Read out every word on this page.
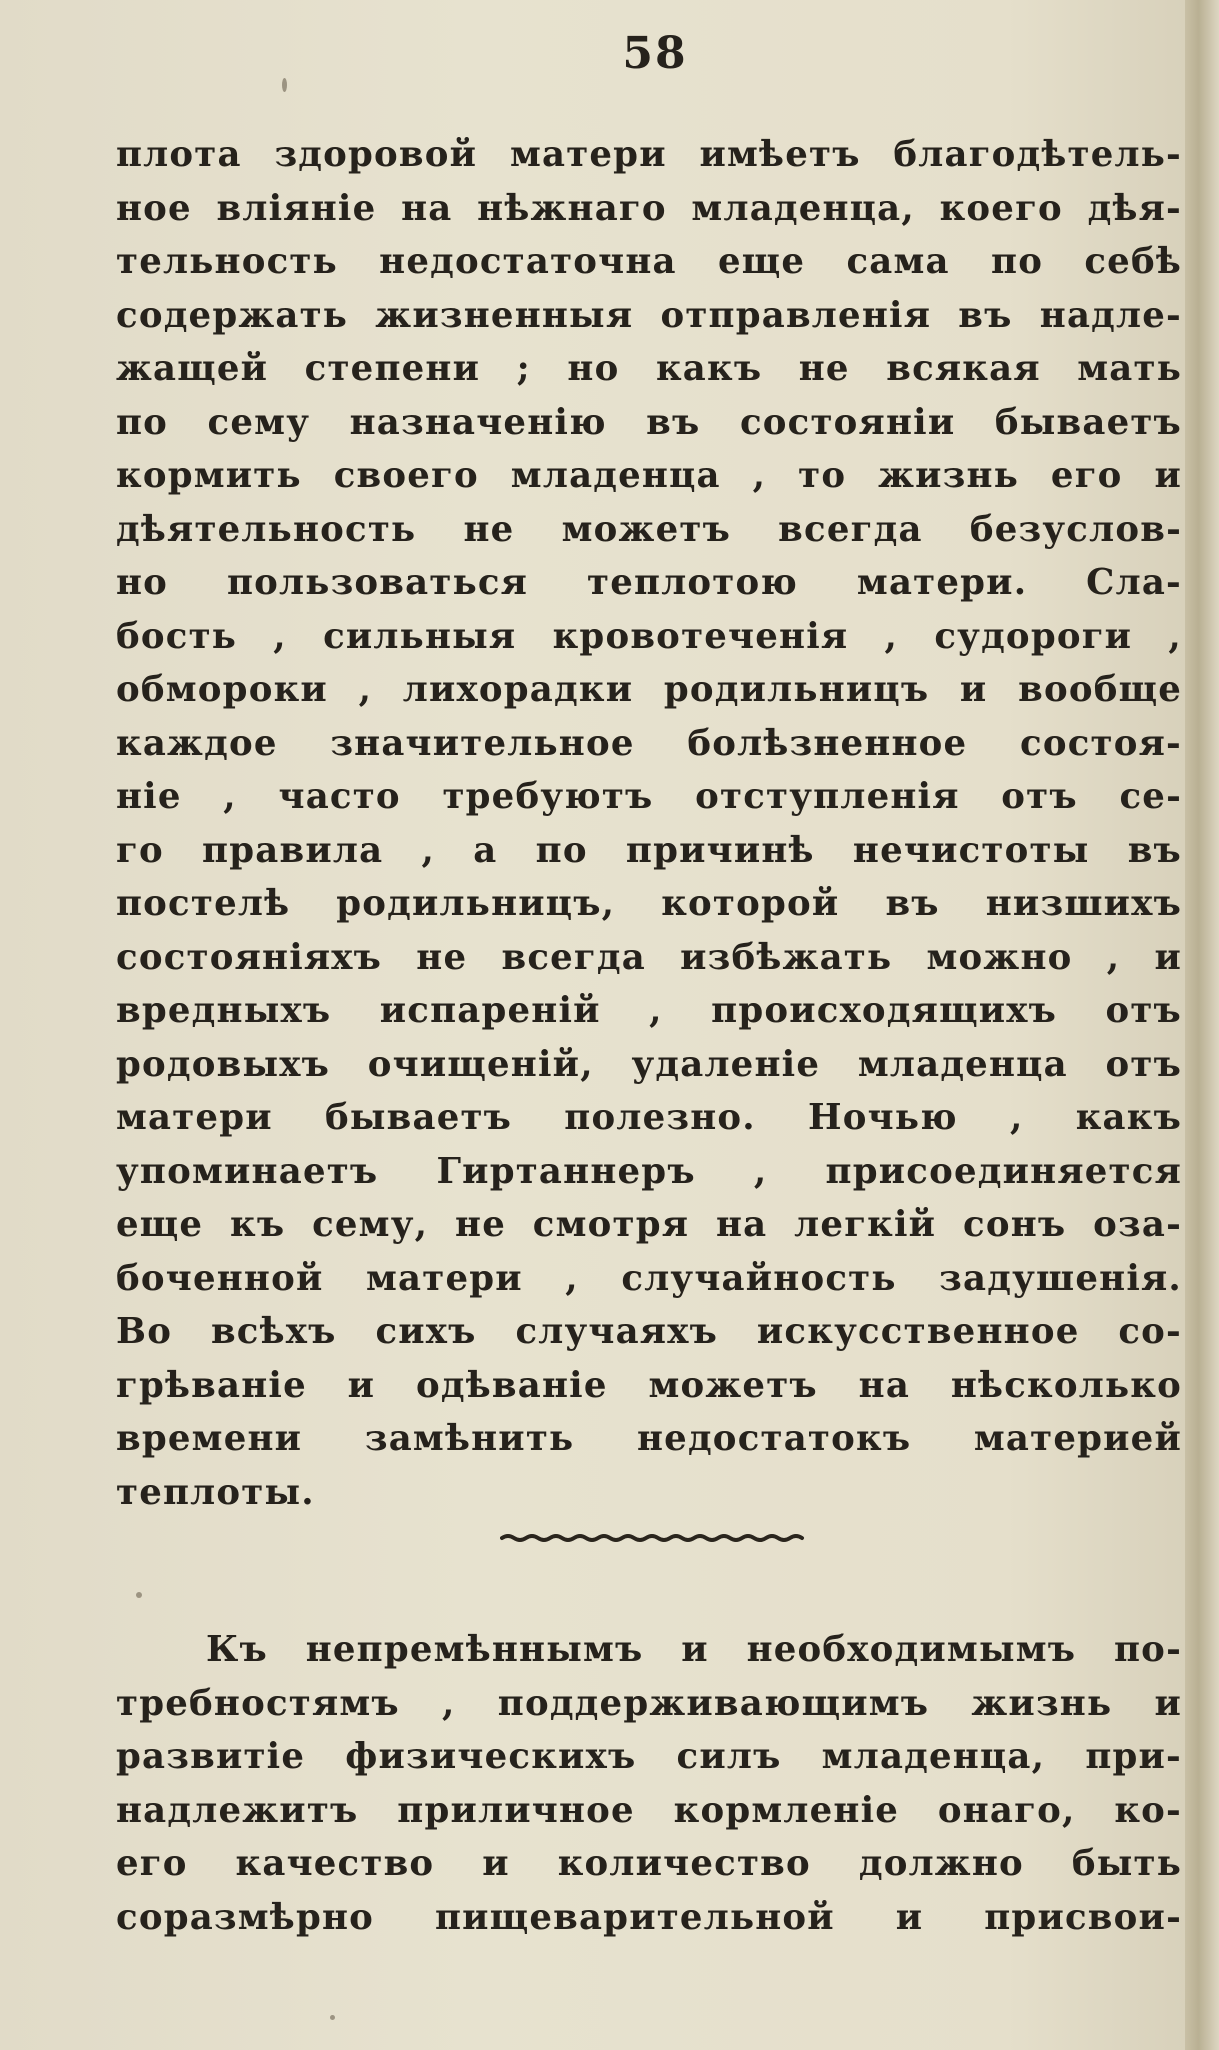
58
плота здоровой матери имѣетъ благодѣтель-
ное вліяніе на нѣжнаго младенца, коего дѣя-
тельность недостаточна еще сама по себѣ
содержать жизненныя отправленія въ надле-
жащей степени ; но какъ не всякая мать
по сему назначенію въ состояніи бываетъ
кормить своего младенца , то жизнь его и
дѣятельность не можетъ всегда безуслов-
но пользоваться теплотою матери. Сла-
бость , сильныя кровотеченія , судороги ,
обмороки , лихорадки родильницъ и вообще
каждое значительное болѣзненное состоя-
ніе , часто требуютъ отступленія отъ се-
го правила , а по причинѣ нечистоты въ
постелѣ родильницъ, которой въ низшихъ
состояніяхъ не всегда избѣжать можно , и
вредныхъ испареній , происходящихъ отъ
родовыхъ очищеній, удаленіе младенца отъ
матери бываетъ полезно. Ночью , какъ
упоминаетъ Гиртаннеръ , присоединяется
еще къ сему, не смотря на легкій сонъ оза-
боченной матери , случайность задушенія.
Во всѣхъ сихъ случаяхъ искусственное со-
грѣваніе и одѣваніе можетъ на нѣсколько
времени замѣнить недостатокъ материей
теплоты.
Къ непремѣннымъ и необходимымъ по-
требностямъ , поддерживающимъ жизнь и
развитіе физическихъ силъ младенца, при-
надлежитъ приличное кормленіе онаго, ко-
его качество и количество должно быть
соразмѣрно пищеварительной и присвои-
